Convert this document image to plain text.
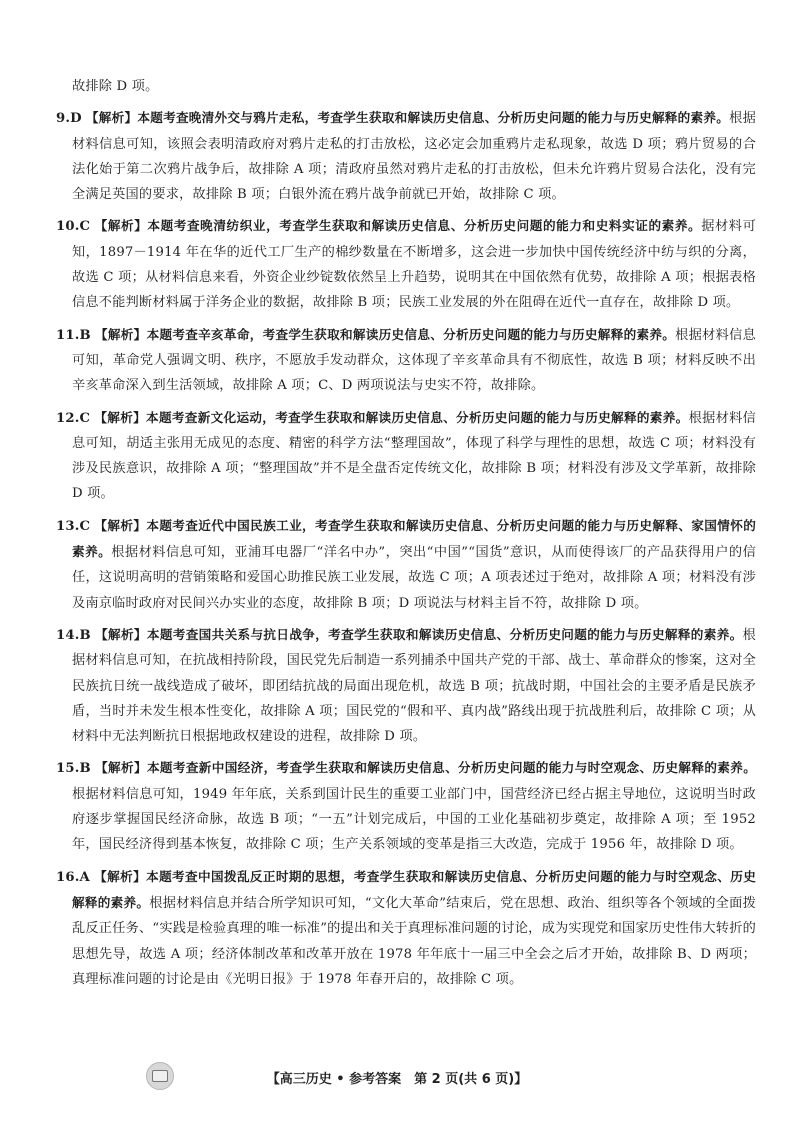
故排除 D 项。
9.D 【解析】本题考查晚清外交与鸦片走私，考查学生获取和解读历史信息、分析历史问题的能力与历史解释的素养。根据材料信息可知，该照会表明清政府对鸦片走私的打击放松，这必定会加重鸦片走私现象，故选 D 项；鸦片贸易的合法化始于第二次鸦片战争后，故排除 A 项；清政府虽然对鸦片走私的打击放松，但未允许鸦片贸易合法化，没有完全满足英国的要求，故排除 B 项；白银外流在鸦片战争前就已开始，故排除 C 项。
10.C 【解析】本题考查晚清纺织业，考查学生获取和解读历史信息、分析历史问题的能力和史料实证的素养。据材料可知，1897－1914 年在华的近代工厂生产的棉纱数量在不断增多，这会进一步加快中国传统经济中纺与织的分离，故选 C 项；从材料信息来看，外资企业纱锭数依然呈上升趋势，说明其在中国依然有优势，故排除 A 项；根据表格信息不能判断材料属于洋务企业的数据，故排除 B 项；民族工业发展的外在阻碍在近代一直存在，故排除 D 项。
11.B 【解析】本题考查辛亥革命，考查学生获取和解读历史信息、分析历史问题的能力与历史解释的素养。根据材料信息可知，革命党人强调文明、秩序，不愿放手发动群众，这体现了辛亥革命具有不彻底性，故选 B 项；材料反映不出辛亥革命深入到生活领域，故排除 A 项；C、D 两项说法与史实不符，故排除。
12.C 【解析】本题考查新文化运动，考查学生获取和解读历史信息、分析历史问题的能力与历史解释的素养。根据材料信息可知，胡适主张用无成见的态度、精密的科学方法“整理国故”，体现了科学与理性的思想，故选 C 项；材料没有涉及民族意识，故排除 A 项；“整理国故”并不是全盘否定传统文化，故排除 B 项；材料没有涉及文学革新，故排除 D 项。
13.C 【解析】本题考查近代中国民族工业，考查学生获取和解读历史信息、分析历史问题的能力与历史解释、家国情怀的素养。根据材料信息可知，亚浦耳电器厂“洋名中办”，突出“中国”“国货”意识，从而使得该厂的产品获得用户的信任，这说明高明的营销策略和爱国心助推民族工业发展，故选 C 项；A 项表述过于绝对，故排除 A 项；材料没有涉及南京临时政府对民间兴办实业的态度，故排除 B 项；D 项说法与材料主旨不符，故排除 D 项。
14.B 【解析】本题考查国共关系与抗日战争，考查学生获取和解读历史信息、分析历史问题的能力与历史解释的素养。根据材料信息可知，在抗战相持阶段，国民党先后制造一系列捕杀中国共产党的干部、战士、革命群众的惨案，这对全民族抗日统一战线造成了破坏，即团结抗战的局面出现危机，故选 B 项；抗战时期，中国社会的主要矛盾是民族矛盾，当时并未发生根本性变化，故排除 A 项；国民党的“假和平、真内战”路线出现于抗战胜利后，故排除 C 项；从材料中无法判断抗日根据地政权建设的进程，故排除 D 项。
15.B 【解析】本题考查新中国经济，考查学生获取和解读历史信息、分析历史问题的能力与时空观念、历史解释的素养。根据材料信息可知，1949 年年底，关系到国计民生的重要工业部门中，国营经济已经占据主导地位，这说明当时政府逐步掌握国民经济命脉，故选 B 项；“一五”计划完成后，中国的工业化基础初步奠定，故排除 A 项；至 1952 年，国民经济得到基本恢复，故排除 C 项；生产关系领域的变革是指三大改造，完成于 1956 年，故排除 D 项。
16.A 【解析】本题考查中国拨乱反正时期的思想，考查学生获取和解读历史信息、分析历史问题的能力与时空观念、历史解释的素养。根据材料信息并结合所学知识可知，“文化大革命”结束后，党在思想、政治、组织等各个领域的全面拨乱反正任务、“实践是检验真理的唯一标准”的提出和关于真理标准问题的讨论，成为实现党和国家历史性伟大转折的思想先导，故选 A 项；经济体制改革和改革开放在 1978 年年底十一届三中全会之后才开始，故排除 B、D 两项；真理标准问题的讨论是由《光明日报》于 1978 年春开启的，故排除 C 项。
【高三历史 • 参考答案　第 2 页(共 6 页)】
